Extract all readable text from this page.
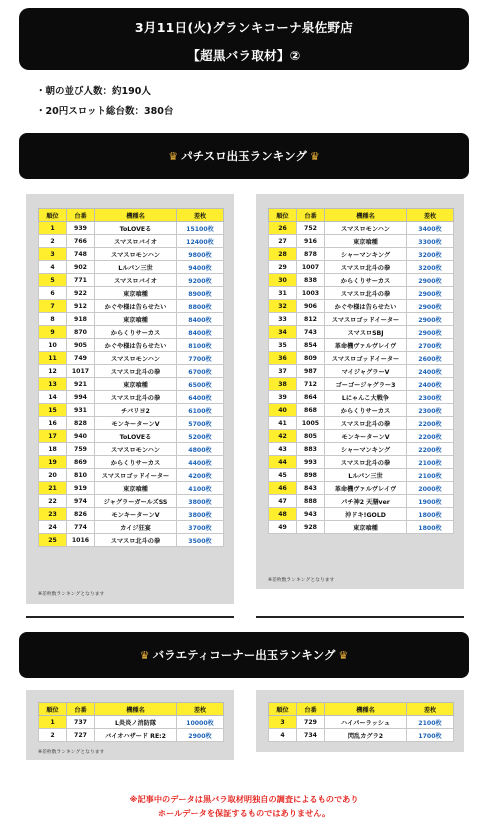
3月11日(火)グランキコーナ泉佐野店
【超黒バラ取材】②
・朝の並び人数：約190人
・20円スロット総台数：380台
♛ パチスロ出玉ランキング ♛
順位	台番	機種名	差枚
1	939	ToLOVEる	15100枚
2	766	スマスロバイオ	12400枚
3	748	スマスロモンハン	9800枚
4	902	Lルパン三世	9400枚
5	771	スマスロバイオ	9200枚
6	922	東京喰種	8900枚
7	912	かぐや様は告らせたい	8800枚
8	918	東京喰種	8400枚
9	870	からくりサーカス	8400枚
10	905	かぐや様は告らせたい	8100枚
11	749	スマスロモンハン	7700枚
12	1017	スマスロ北斗の拳	6700枚
13	921	東京喰種	6500枚
14	994	スマスロ北斗の拳	6400枚
15	931	チバリヨ2	6100枚
16	828	モンキーターンV	5700枚
17	940	ToLOVEる	5200枚
18	759	スマスロモンハン	4800枚
19	869	からくりサーカス	4400枚
20	810	スマスロゴッドイーター	4200枚
21	919	東京喰種	4100枚
22	974	ジャグラーガールズSS	3800枚
23	826	モンキーターンV	3800枚
24	774	カイジ狂宴	3700枚
25	1016	スマスロ北斗の拳	3500枚
※差枚数ランキングとなります
順位	台番	機種名	差枚
26	752	スマスロモンハン	3400枚
27	916	東京喰種	3300枚
28	878	シャーマンキング	3200枚
29	1007	スマスロ北斗の拳	3200枚
30	838	からくりサーカス	2900枚
31	1003	スマスロ北斗の拳	2900枚
32	906	かぐや様は告らせたい	2900枚
33	812	スマスロゴッドイーター	2900枚
34	743	スマスロSBJ	2900枚
35	854	革命機ヴァルヴレイヴ	2700枚
36	809	スマスロゴッドイーター	2600枚
37	987	マイジャグラーV	2400枚
38	712	ゴーゴージャグラー3	2400枚
39	864	Lにゃんこ大戦争	2300枚
40	868	からくりサーカス	2300枚
41	1005	スマスロ北斗の拳	2200枚
42	805	モンキーターンV	2200枚
43	883	シャーマンキング	2200枚
44	993	スマスロ北斗の拳	2100枚
45	898	Lルパン三世	2100枚
46	843	革命機ヴァルヴレイヴ	2000枚
47	888	パチ神2 天膳ver	1900枚
48	943	沖ドキ!GOLD	1800枚
49	928	東京喰種	1800枚
※差枚数ランキングとなります
♛ バラエティコーナー出玉ランキング ♛
順位	台番	機種名	差枚
1	737	L炎炎ノ消防隊	10000枚
2	727	バイオハザード RE:2	2900枚
※差枚数ランキングとなります
順位	台番	機種名	差枚
3	729	ハイパーラッシュ	2100枚
4	734	閃乱カグラ2	1700枚
※記事中のデータは黒バラ取材明独自の調査によるものであり
ホールデータを保証するものではありません。
